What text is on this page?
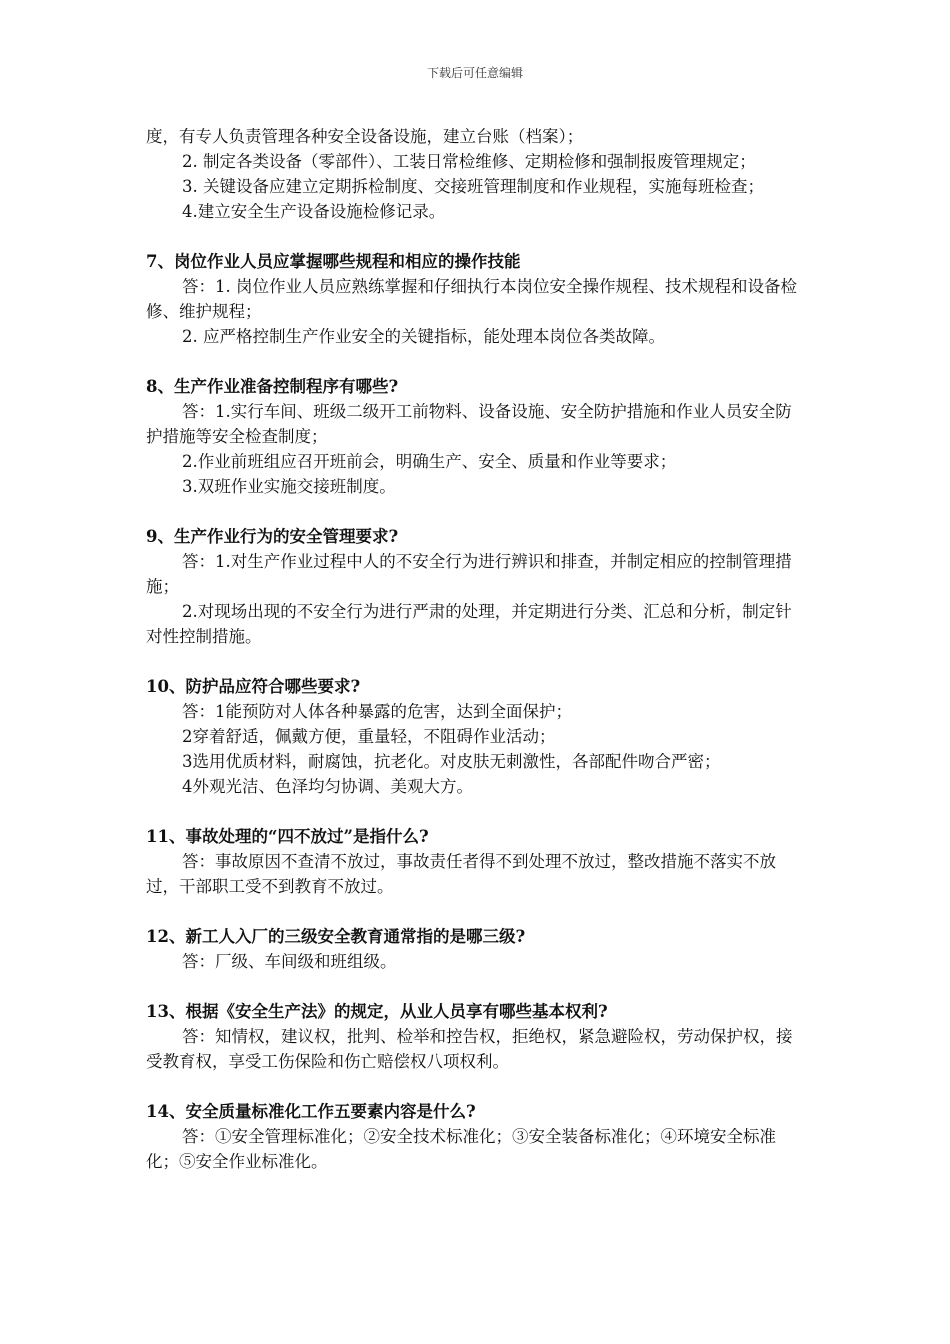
下载后可任意编辑

度，有专人负责管理各种安全设备设施，建立台账（档案）；

2. 制定各类设备（零部件）、工装日常检维修、定期检修和强制报废管理规定；

3. 关键设备应建立定期拆检制度、交接班管理制度和作业规程，实施每班检查；

4.建立安全生产设备设施检修记录。

7、岗位作业人员应掌握哪些规程和相应的操作技能

答：1. 岗位作业人员应熟练掌握和仔细执行本岗位安全操作规程、技术规程和设备检修、维护规程；

2. 应严格控制生产作业安全的关键指标，能处理本岗位各类故障。

8、生产作业准备控制程序有哪些?

答：1.实行车间、班级二级开工前物料、设备设施、安全防护措施和作业人员安全防护措施等安全检查制度；

2.作业前班组应召开班前会，明确生产、安全、质量和作业等要求；

3.双班作业实施交接班制度。

9、生产作业行为的安全管理要求?

答：1.对生产作业过程中人的不安全行为进行辨识和排查，并制定相应的控制管理措施；

2.对现场出现的不安全行为进行严肃的处理，并定期进行分类、汇总和分析，制定针对性控制措施。

10、防护品应符合哪些要求?

答：1能预防对人体各种暴露的危害，达到全面保护；

2穿着舒适，佩戴方便，重量轻，不阻碍作业活动；

3选用优质材料，耐腐蚀，抗老化。对皮肤无刺激性，各部配件吻合严密；

4外观光洁、色泽均匀协调、美观大方。

11、事故处理的“四不放过”是指什么?

答：事故原因不查清不放过，事故责任者得不到处理不放过，整改措施不落实不放过，干部职工受不到教育不放过。

12、新工人入厂的三级安全教育通常指的是哪三级?

答：厂级、车间级和班组级。

13、根据《安全生产法》的规定，从业人员享有哪些基本权利?

答：知情权，建议权，批判、检举和控告权，拒绝权，紧急避险权，劳动保护权，接受教育权，享受工伤保险和伤亡赔偿权八项权利。

14、安全质量标准化工作五要素内容是什么?

答：①安全管理标准化；②安全技术标准化；③安全装备标准化；④环境安全标准化；⑤安全作业标准化。
